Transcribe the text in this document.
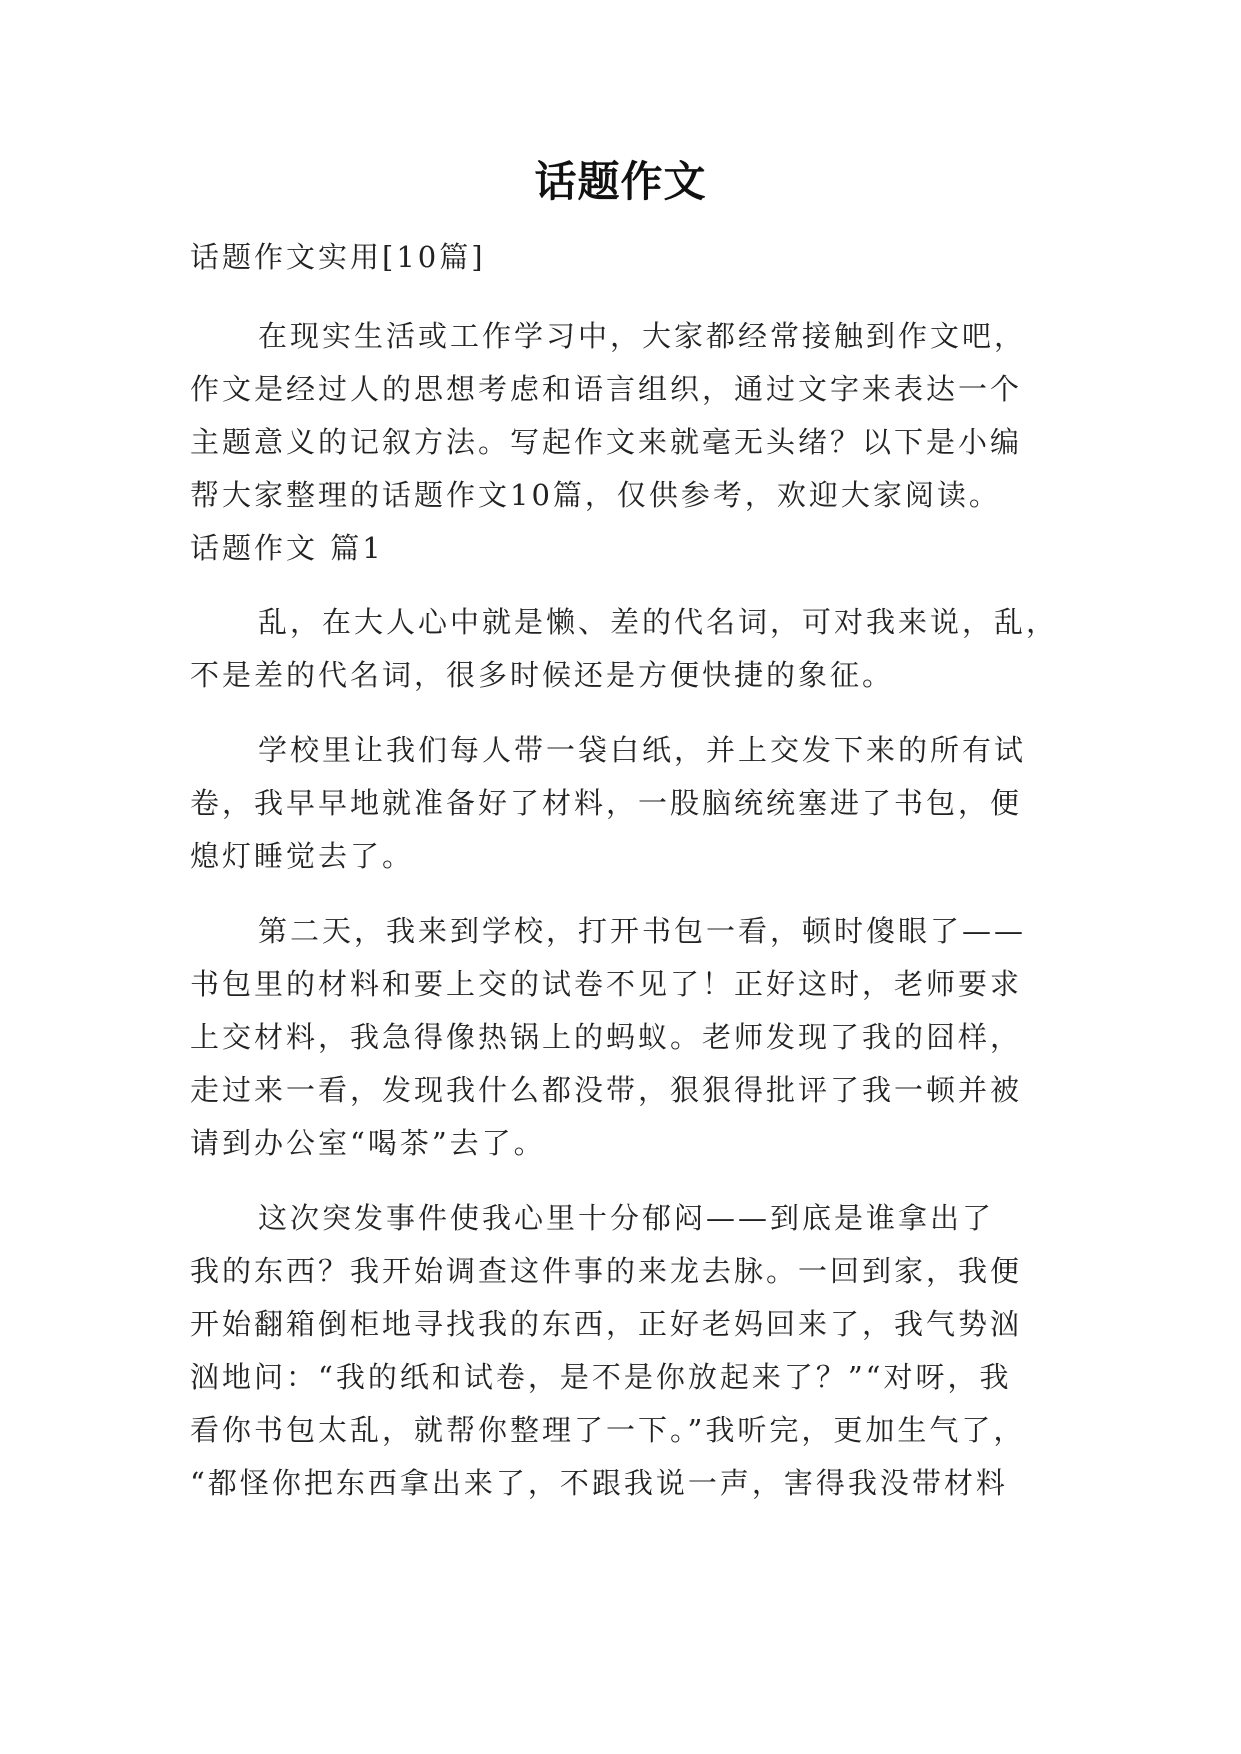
话题作文
话题作文实用[10篇]
在现实生活或工作学习中，大家都经常接触到作文吧，
作文是经过人的思想考虑和语言组织，通过文字来表达一个
主题意义的记叙方法。写起作文来就毫无头绪？以下是小编
帮大家整理的话题作文10篇，仅供参考，欢迎大家阅读。
话题作文 篇1
乱，在大人心中就是懒、差的代名词，可对我来说，乱，
不是差的代名词，很多时候还是方便快捷的象征。
学校里让我们每人带一袋白纸，并上交发下来的所有试
卷，我早早地就准备好了材料，一股脑统统塞进了书包，便
熄灯睡觉去了。
第二天，我来到学校，打开书包一看，顿时傻眼了——
书包里的材料和要上交的试卷不见了！正好这时，老师要求
上交材料，我急得像热锅上的蚂蚁。老师发现了我的囧样，
走过来一看，发现我什么都没带，狠狠得批评了我一顿并被
请到办公室“喝茶”去了。
这次突发事件使我心里十分郁闷——到底是谁拿出了
我的东西？我开始调查这件事的来龙去脉。一回到家，我便
开始翻箱倒柜地寻找我的东西，正好老妈回来了，我气势汹
汹地问：“我的纸和试卷，是不是你放起来了？”“对呀，我
看你书包太乱，就帮你整理了一下。”我听完，更加生气了，
“都怪你把东西拿出来了，不跟我说一声，害得我没带材料
